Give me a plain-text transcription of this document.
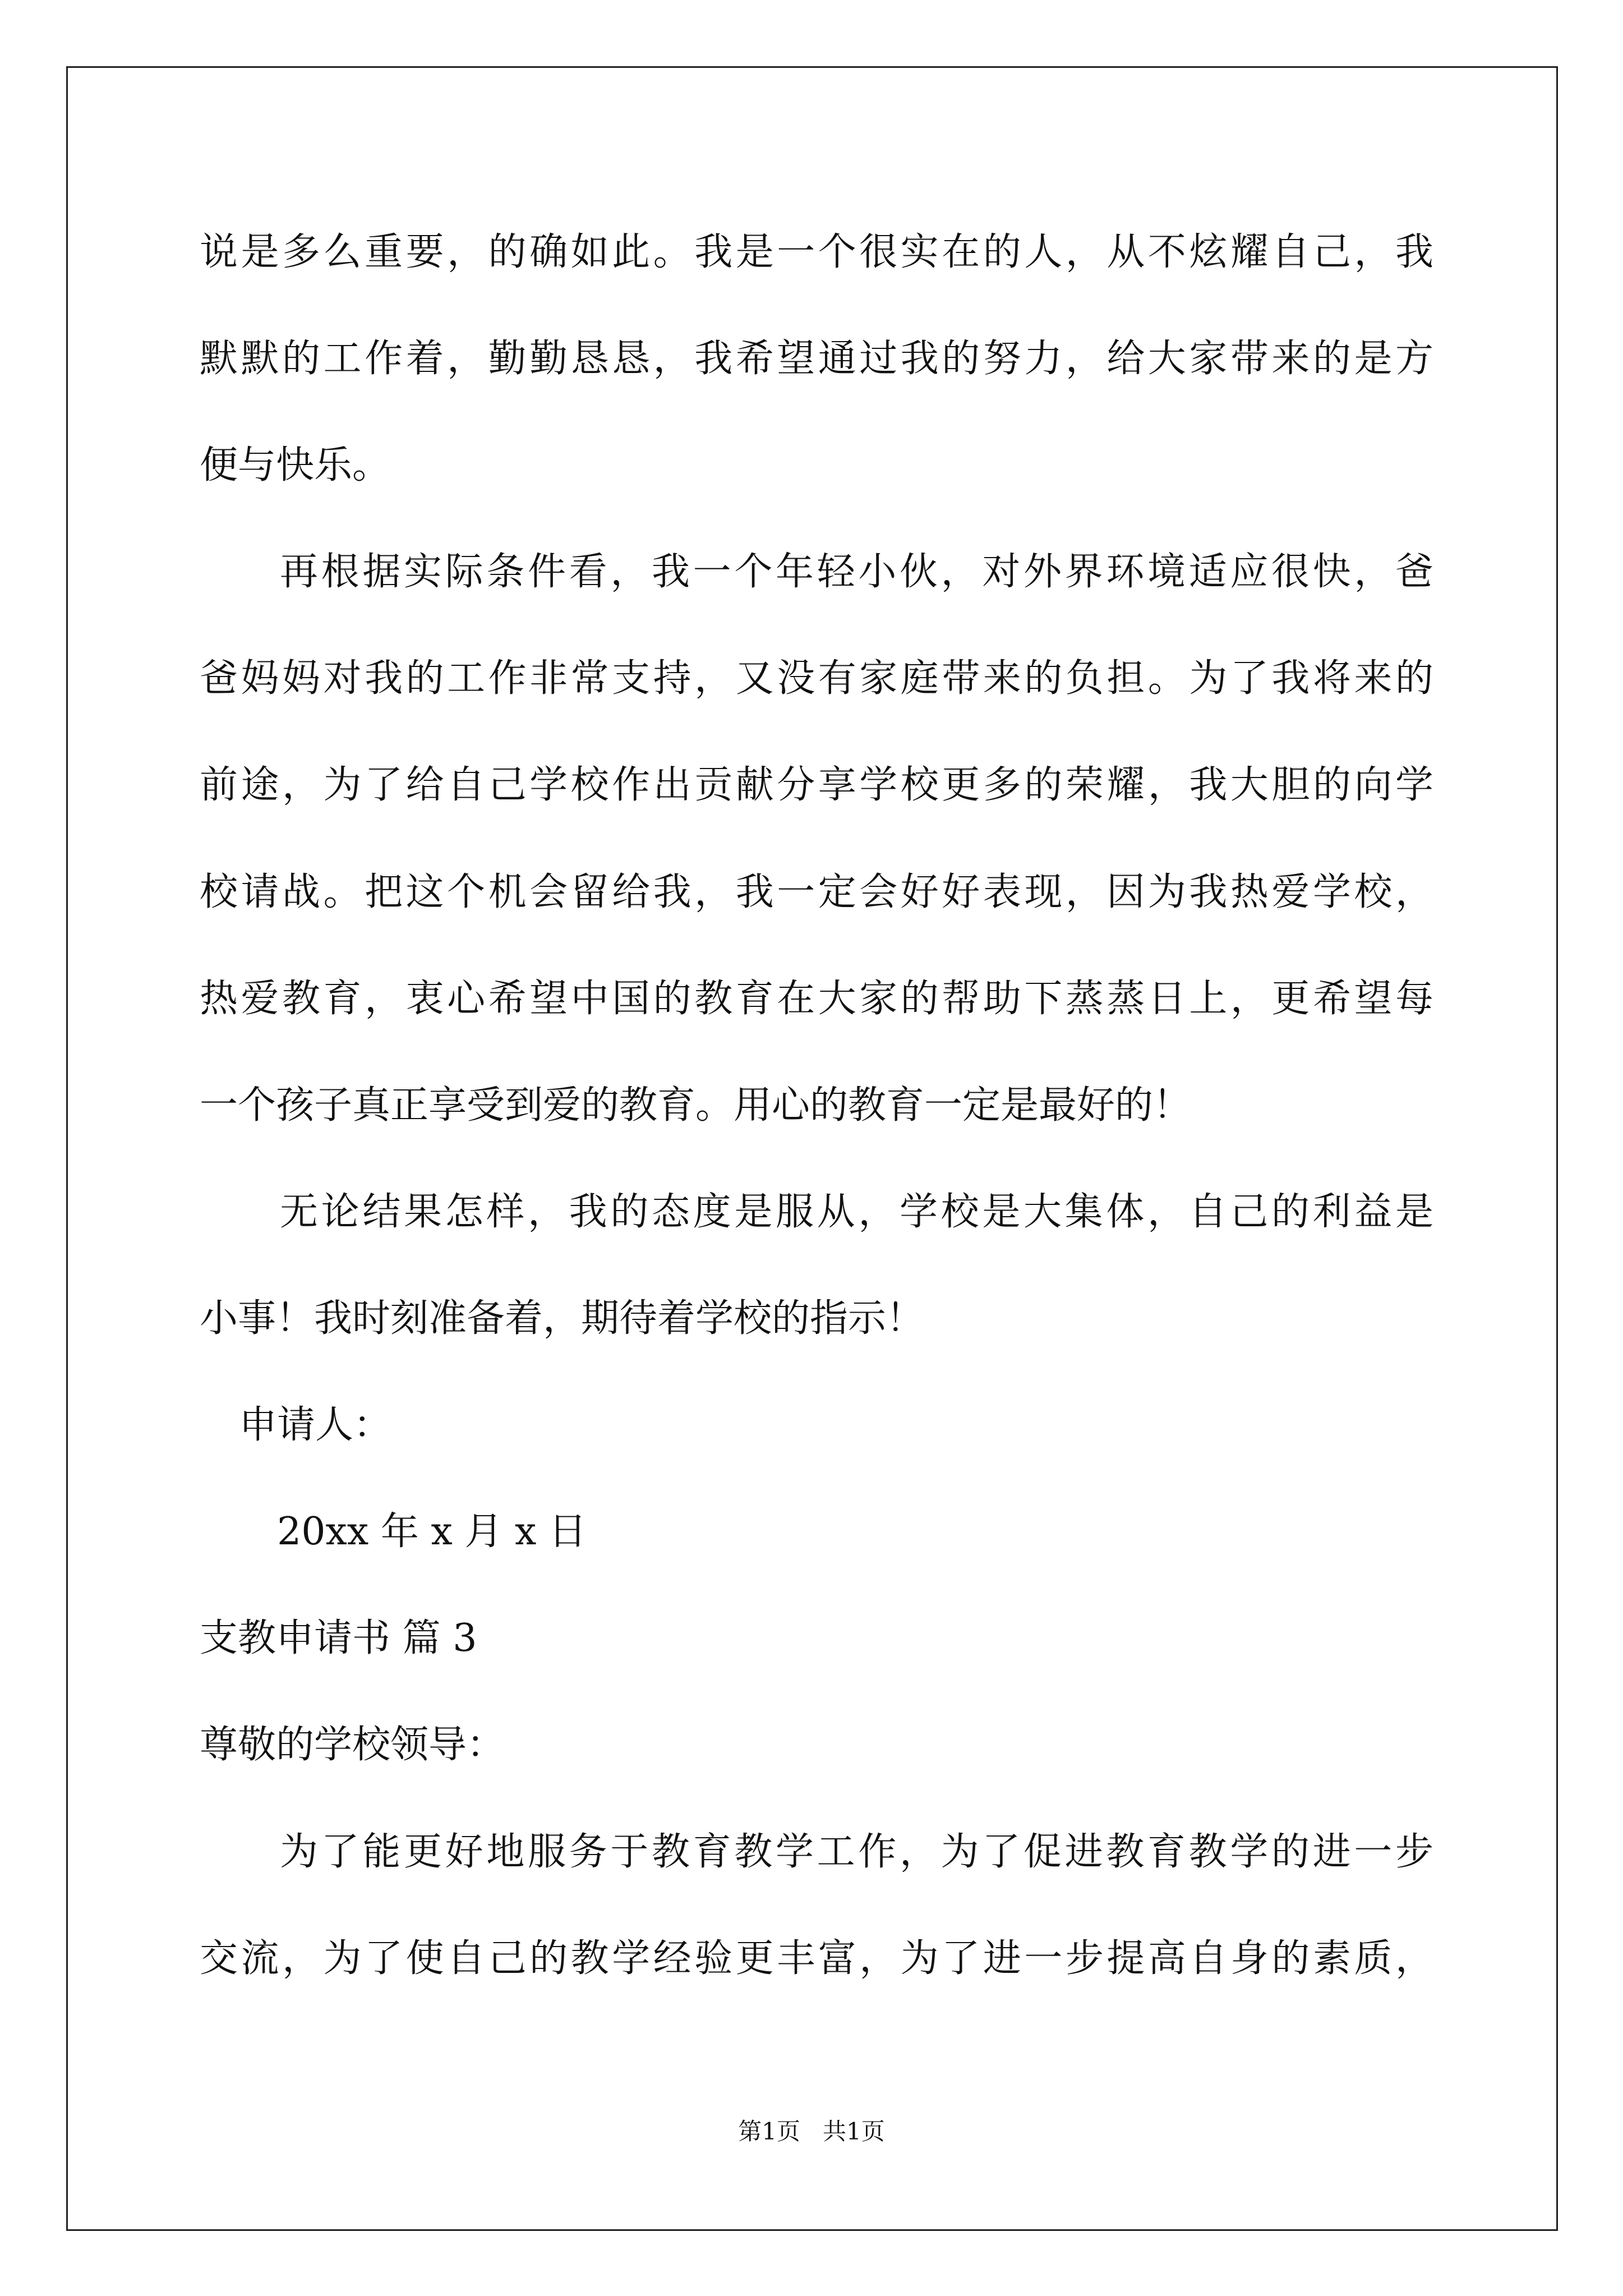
说是多么重要，的确如此。我是一个很实在的人，从不炫耀自己，我
默默的工作着，勤勤恳恳，我希望通过我的努力，给大家带来的是方
便与快乐。
再根据实际条件看，我一个年轻小伙，对外界环境适应很快，爸
爸妈妈对我的工作非常支持，又没有家庭带来的负担。为了我将来的
前途，为了给自己学校作出贡献分享学校更多的荣耀，我大胆的向学
校请战。把这个机会留给我，我一定会好好表现，因为我热爱学校，
热爱教育，衷心希望中国的教育在大家的帮助下蒸蒸日上，更希望每
一个孩子真正享受到爱的教育。用心的教育一定是最好的！
无论结果怎样，我的态度是服从，学校是大集体，自己的利益是
小事！我时刻准备着，期待着学校的指示！
申请人：
20xx 年 x 月 x 日
支教申请书 篇 3
尊敬的学校领导：
为了能更好地服务于教育教学工作，为了促进教育教学的进一步
交流，为了使自己的教学经验更丰富，为了进一步提高自身的素质，
第1页   共1页
